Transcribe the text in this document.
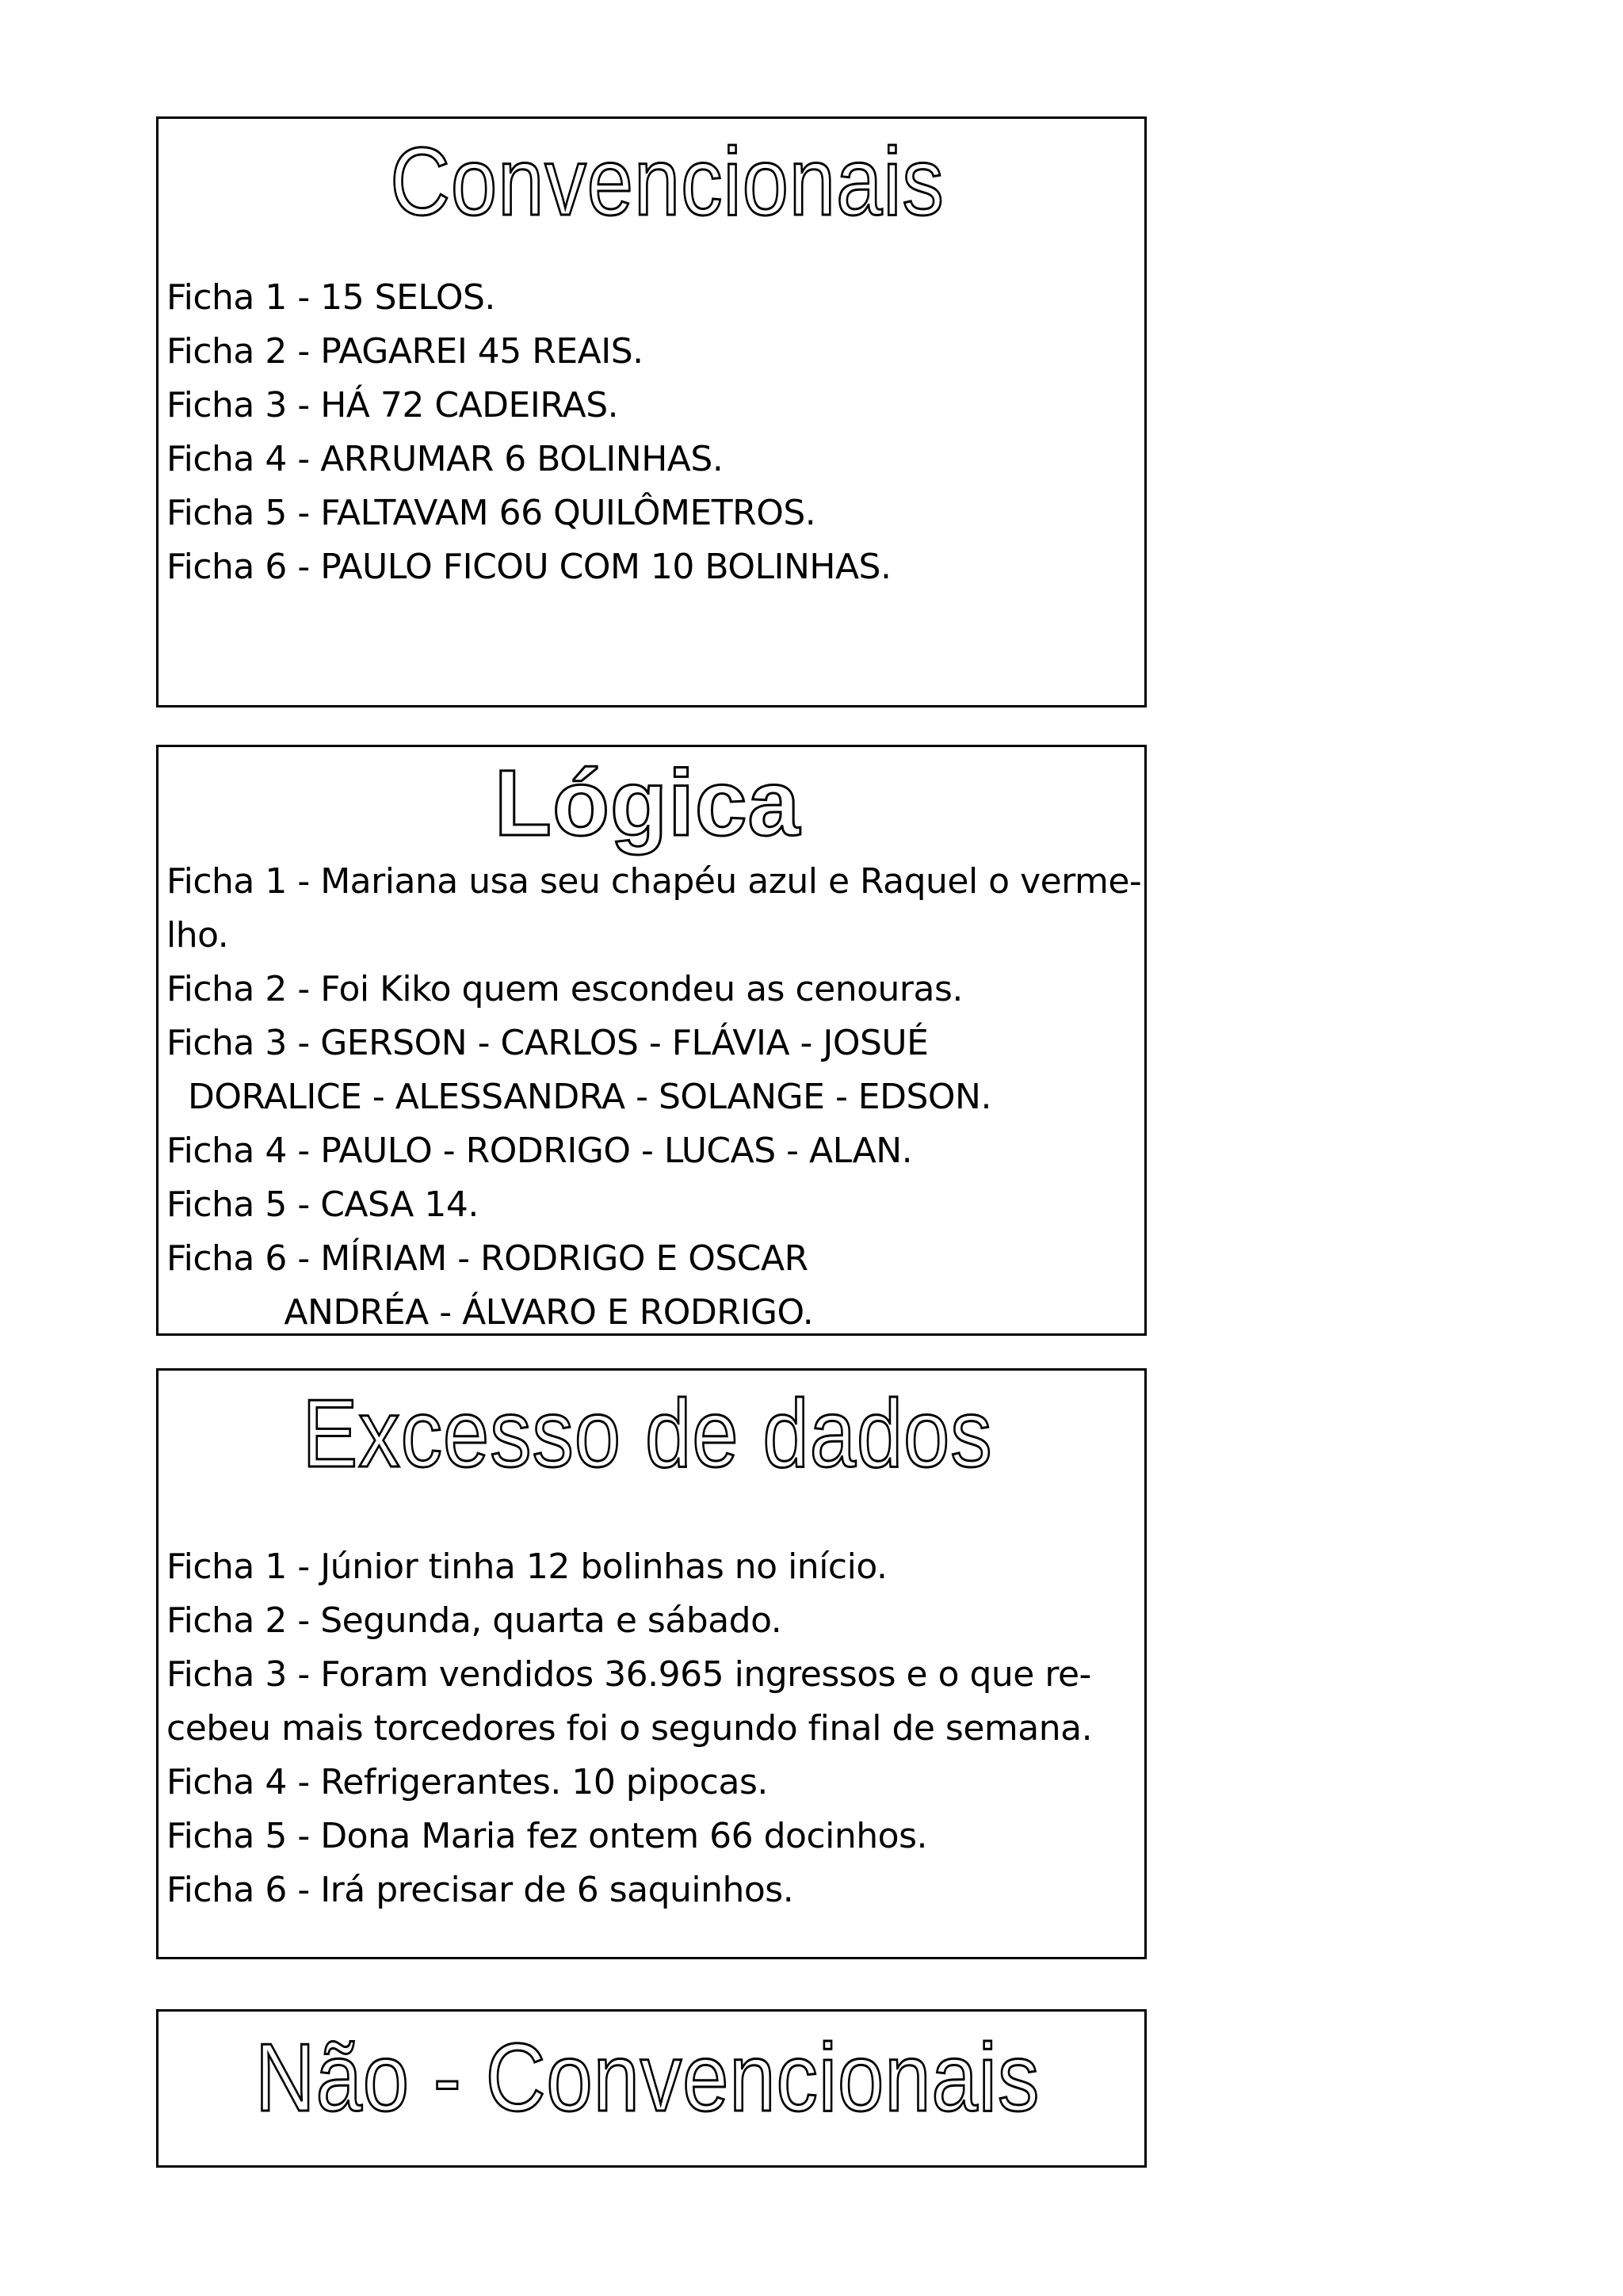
Convencionais
Ficha 1 - 15 SELOS.
Ficha 2 - PAGAREI 45 REAIS.
Ficha 3 - HÁ 72 CADEIRAS.
Ficha 4 - ARRUMAR 6 BOLINHAS.
Ficha 5 - FALTAVAM 66 QUILÔMETROS.
Ficha 6 - PAULO FICOU COM 10 BOLINHAS.
Lógica
Ficha 1 - Mariana usa seu chapéu azul e Raquel o verme-
lho.
Ficha 2 - Foi Kiko quem escondeu as cenouras.
Ficha 3 - GERSON - CARLOS - FLÁVIA - JOSUÉ
DORALICE - ALESSANDRA - SOLANGE - EDSON.
Ficha 4 - PAULO - RODRIGO - LUCAS - ALAN.
Ficha 5 - CASA 14.
Ficha 6 - MÍRIAM - RODRIGO E OSCAR
ANDRÉA - ÁLVARO E RODRIGO.
Excesso de dados
Ficha 1 - Júnior tinha 12 bolinhas no início.
Ficha 2 - Segunda, quarta e sábado.
Ficha 3 - Foram vendidos 36.965 ingressos e o que re-
cebeu mais torcedores foi o segundo final de semana.
Ficha 4 - Refrigerantes. 10 pipocas.
Ficha 5 - Dona Maria fez ontem 66 docinhos.
Ficha 6 - Irá precisar de 6 saquinhos.
Não - Convencionais
